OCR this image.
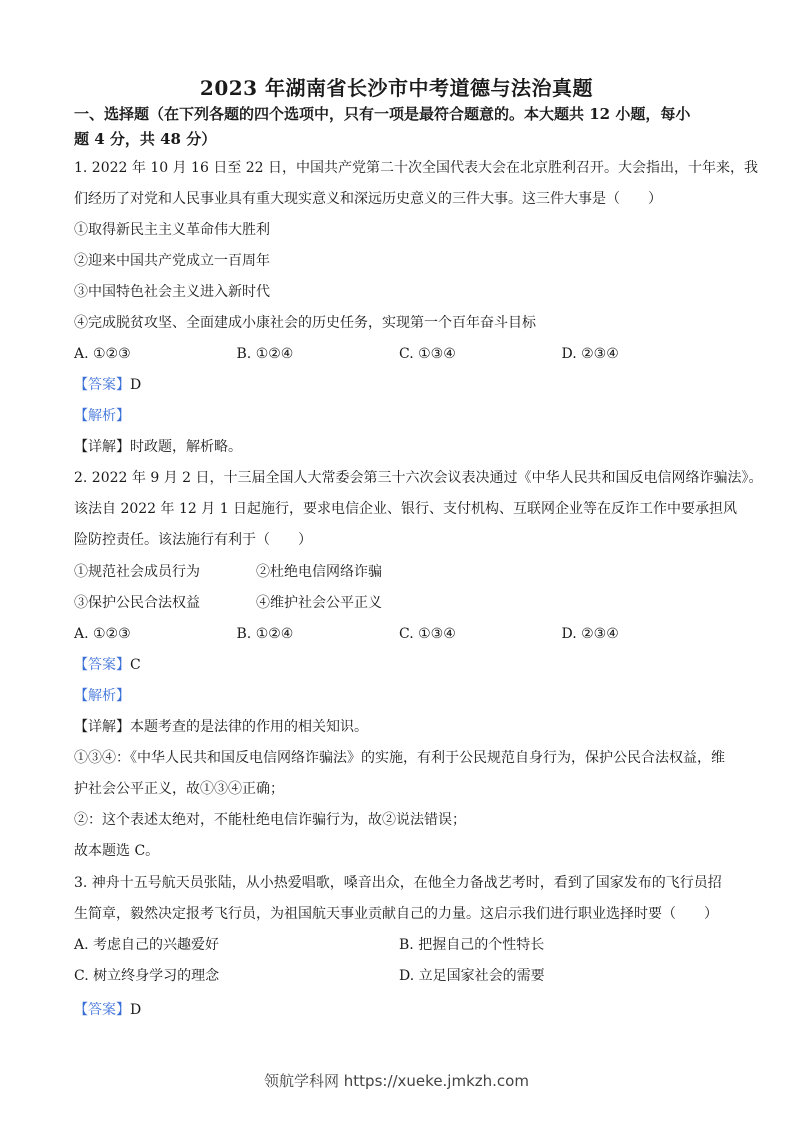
2023 年湖南省长沙市中考道德与法治真题
一、选择题（在下列各题的四个选项中，只有一项是最符合题意的。本大题共 12 小题，每小
题 4 分，共 48 分）
1. 2022 年 10 月 16 日至 22 日，中国共产党第二十次全国代表大会在北京胜利召开。大会指出，十年来，我
们经历了对党和人民事业具有重大现实意义和深远历史意义的三件大事。这三件大事是（　　）
①取得新民主主义革命伟大胜利
②迎来中国共产党成立一百周年
③中国特色社会主义进入新时代
④完成脱贫攻坚、全面建成小康社会的历史任务，实现第一个百年奋斗目标
A. ①②③	B. ①②④	C. ①③④	D. ②③④
【答案】D
【解析】
【详解】时政题，解析略。
2. 2022 年 9 月 2 日，十三届全国人大常委会第三十六次会议表决通过《中华人民共和国反电信网络诈骗法》。
该法自 2022 年 12 月 1 日起施行，要求电信企业、银行、支付机构、互联网企业等在反诈工作中要承担风
险防控责任。该法施行有利于（　　）
①规范社会成员行为	②杜绝电信网络诈骗
③保护公民合法权益	④维护社会公平正义
A. ①②③	B. ①②④	C. ①③④	D. ②③④
【答案】C
【解析】
【详解】本题考查的是法律的作用的相关知识。
①③④：《中华人民共和国反电信网络诈骗法》的实施，有利于公民规范自身行为，保护公民合法权益，维
护社会公平正义，故①③④正确；
②：这个表述太绝对，不能杜绝电信诈骗行为，故②说法错误；
故本题选 C。
3. 神舟十五号航天员张陆，从小热爱唱歌，嗓音出众，在他全力备战艺考时，看到了国家发布的飞行员招
生简章，毅然决定报考飞行员，为祖国航天事业贡献自己的力量。这启示我们进行职业选择时要（　　）
A. 考虑自己的兴趣爱好	B. 把握自己的个性特长
C. 树立终身学习的理念	D. 立足国家社会的需要
【答案】D
领航学科网 https://xueke.jmkzh.com
